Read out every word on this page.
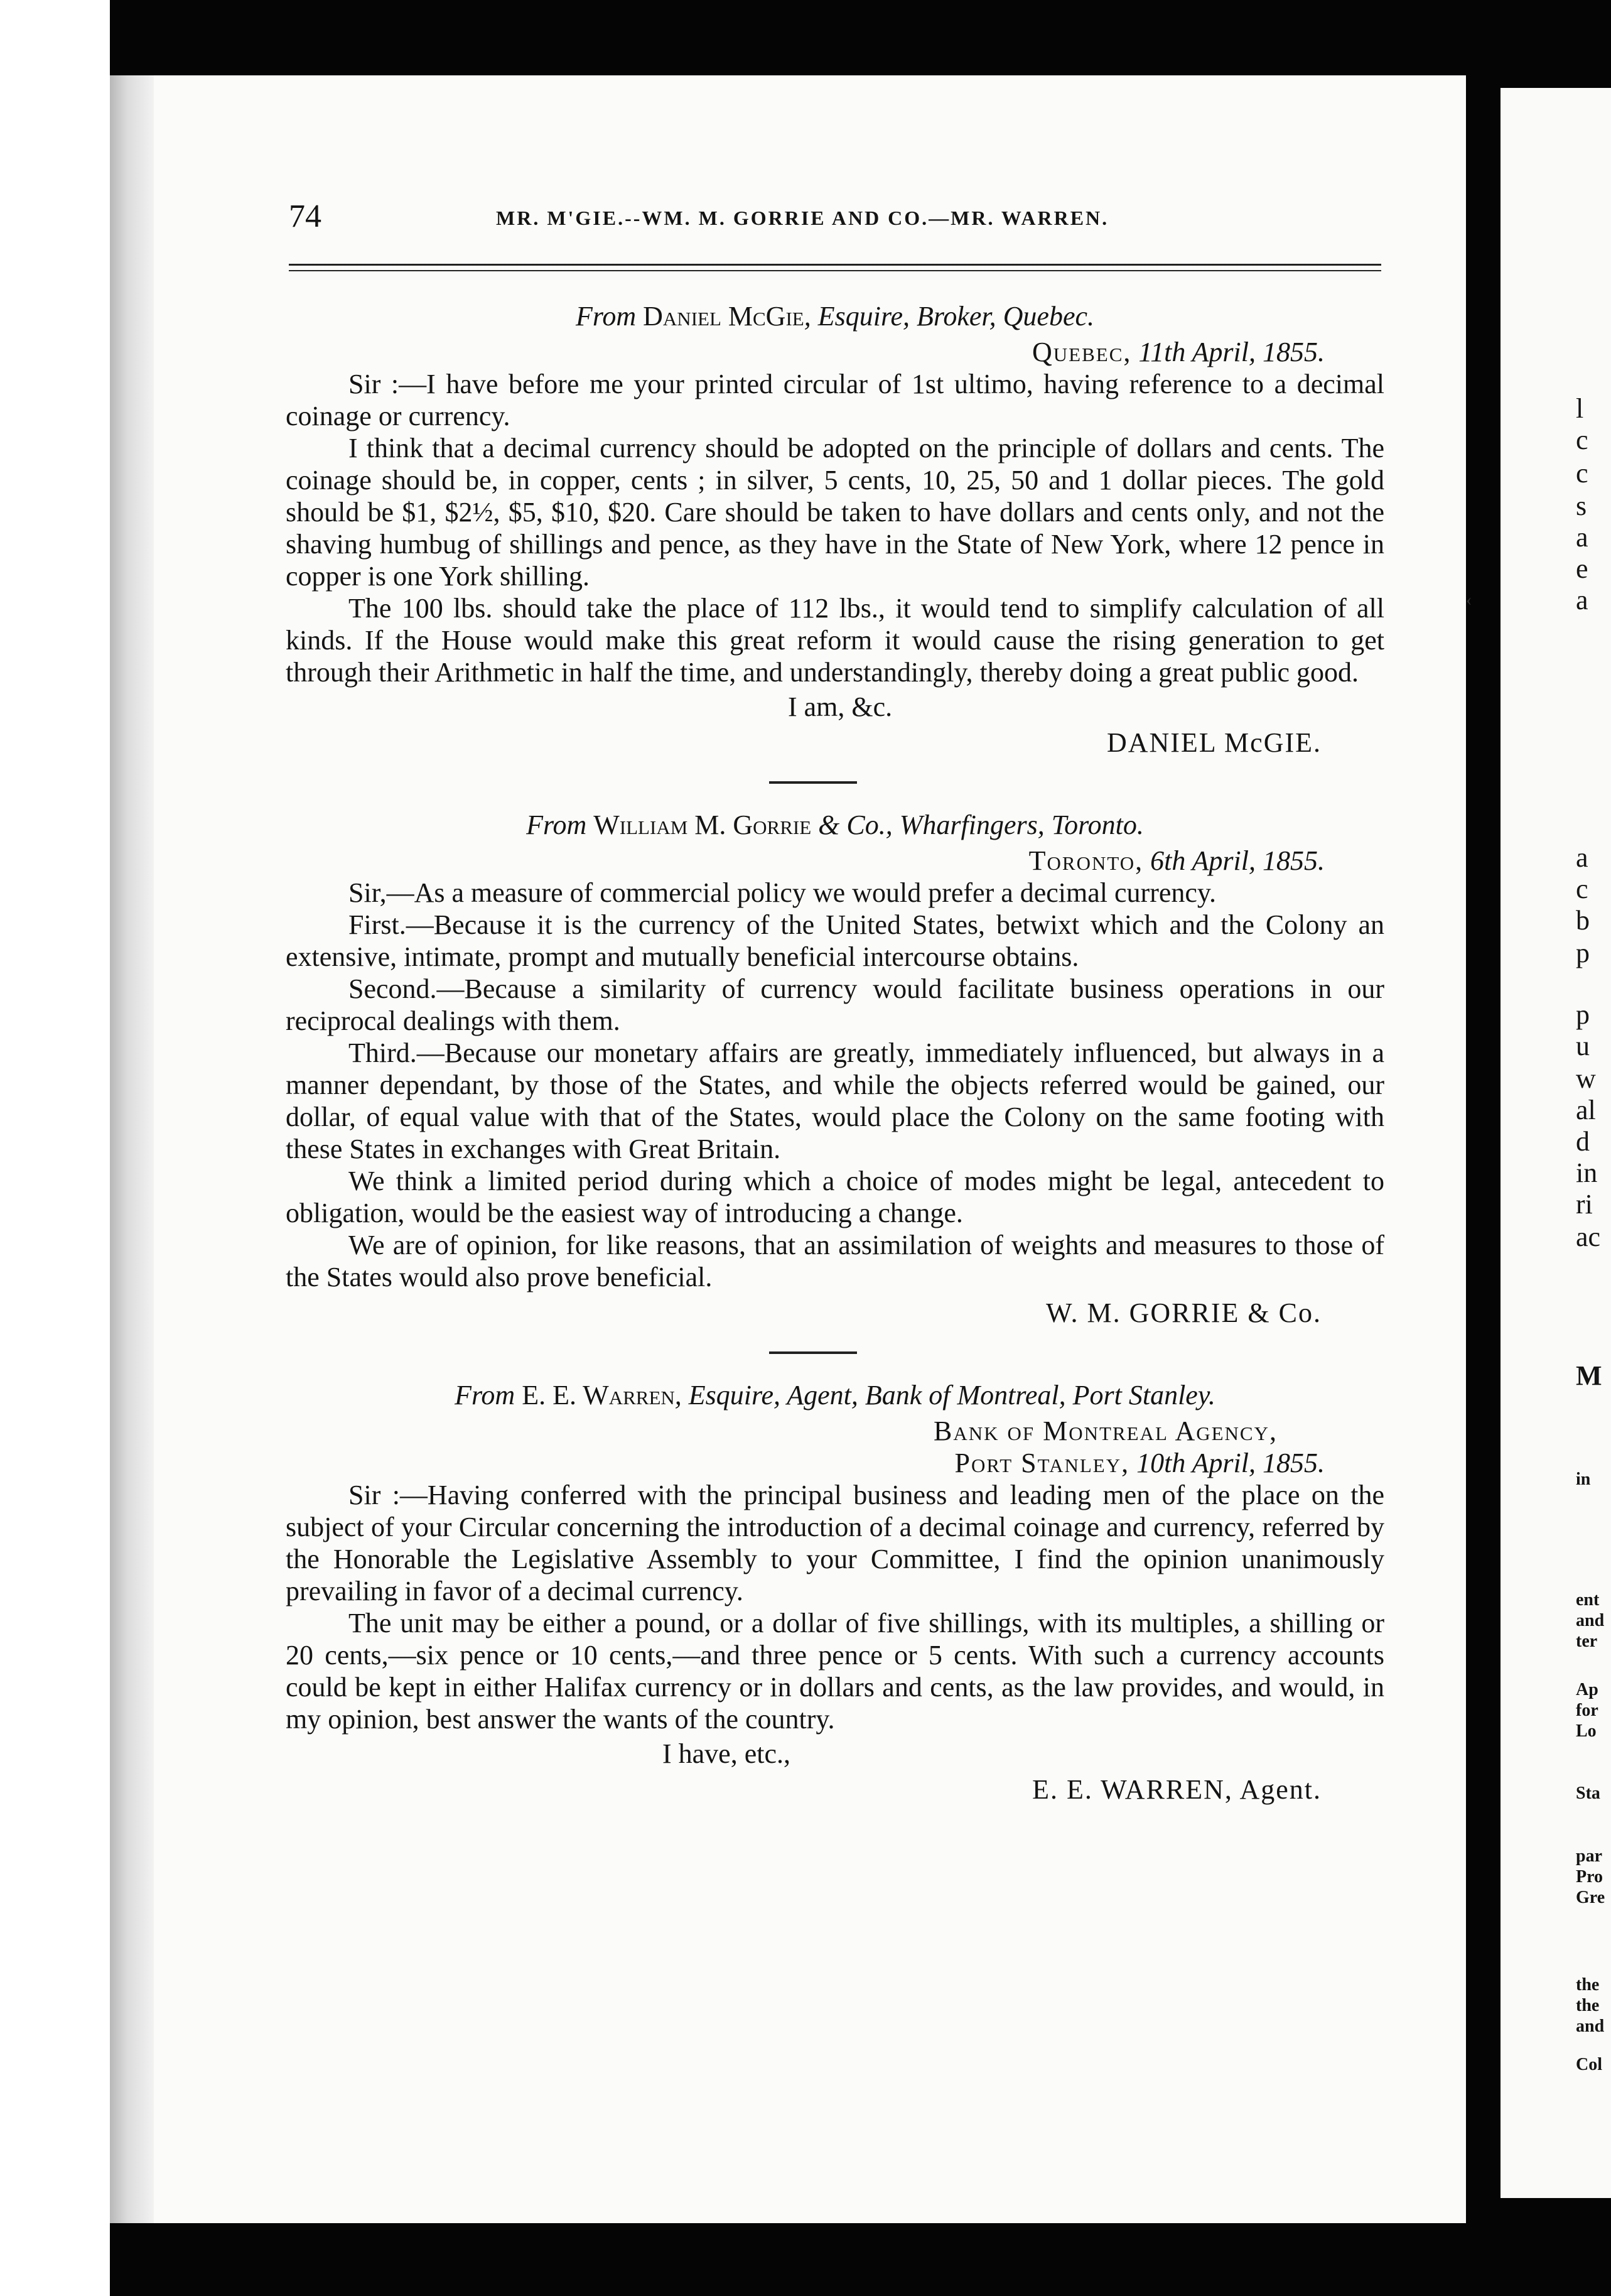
74	MR. M'GIE.--WM. M. GORRIE AND CO.—MR. WARREN.

From Daniel McGie, Esquire, Broker, Quebec.

Quebec, 11th April, 1855.

Sir :—I have before me your printed circular of 1st ultimo, having reference to a decimal coinage or currency.

I think that a decimal currency should be adopted on the principle of dollars and cents. The coinage should be, in copper, cents ; in silver, 5 cents, 10, 25, 50 and 1 dollar pieces. The gold should be $1, $2½, $5, $10, $20. Care should be taken to have dollars and cents only, and not the shaving humbug of shillings and pence, as they have in the State of New York, where 12 pence in copper is one York shilling.

The 100 lbs. should take the place of 112 lbs., it would tend to simplify calculation of all kinds. If the House would make this great reform it would cause the rising generation to get through their Arithmetic in half the time, and understandingly, thereby doing a great public good.

I am, &c.

DANIEL McGIE.

From William M. Gorrie & Co., Wharfingers, Toronto.

Toronto, 6th April, 1855.

Sir,—As a measure of commercial policy we would prefer a decimal currency.

First.—Because it is the currency of the United States, betwixt which and the Colony an extensive, intimate, prompt and mutually beneficial intercourse obtains.

Second.—Because a similarity of currency would facilitate business operations in our reciprocal dealings with them.

Third.—Because our monetary affairs are greatly, immediately influenced, but always in a manner dependant, by those of the States, and while the objects referred would be gained, our dollar, of equal value with that of the States, would place the Colony on the same footing with these States in exchanges with Great Britain.

We think a limited period during which a choice of modes might be legal, antecedent to obligation, would be the easiest way of introducing a change.

We are of opinion, for like reasons, that an assimilation of weights and measures to those of the States would also prove beneficial.

W. M. GORRIE & Co.

From E. E. Warren, Esquire, Agent, Bank of Montreal, Port Stanley.

Bank of Montreal Agency,

Port Stanley, 10th April, 1855.

Sir :—Having conferred with the principal business and leading men of the place on the subject of your Circular concerning the introduction of a decimal coinage and currency, referred by the Honorable the Legislative Assembly to your Committee, I find the opinion unanimously prevailing in favor of a decimal currency.

The unit may be either a pound, or a dollar of five shillings, with its multiples, a shilling or 20 cents,—six pence or 10 cents,—and three pence or 5 cents. With such a currency accounts could be kept in either Halifax currency or in dollars and cents, as the law provides, and would, in my opinion, best answer the wants of the country.

I have, etc.,

E. E. WARREN, Agent.

‹
l
c
c
s
a
e
a
a
c
b
p
p
u
w
al
d
in
ri
ac
M
in
ent
and
ter
Ap
for
Lo
Sta
par
Pro
Gre
the
the
and
Col
